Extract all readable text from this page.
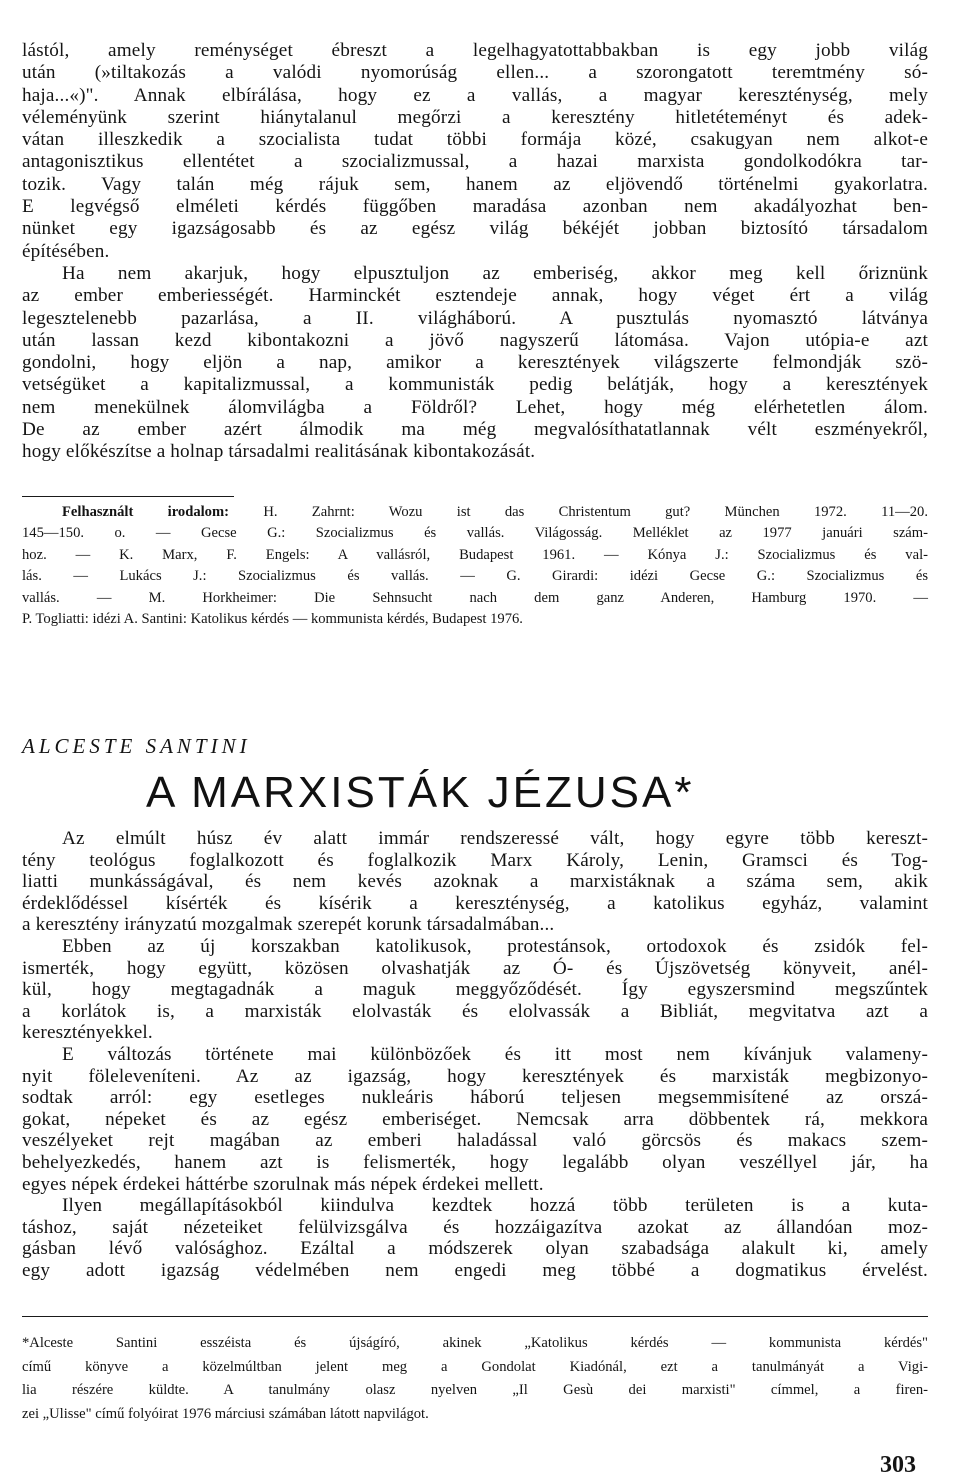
lástól, amely reménységet ébreszt a legelhagyatottabbakban is egy jobb világ
után (»tiltakozás a valódi nyomorúság ellen... a szorongatott teremtmény só-
haja...«)". Annak elbírálása, hogy ez a vallás, a magyar kereszténység, mely
véleményünk szerint hiánytalanul megőrzi a keresztény hitletéteményt és adek-
vátan illeszkedik a szocialista tudat többi formája közé, csakugyan nem alkot-e
antagonisztikus ellentétet a szocializmussal, a hazai marxista gondolkodókra tar-
tozik. Vagy talán még rájuk sem, hanem az eljövendő történelmi gyakorlatra.
E legvégső elméleti kérdés függőben maradása azonban nem akadályozhat ben-
nünket egy igazságosabb és az egész világ békéjét jobban biztosító társadalom
építésében.
Ha nem akarjuk, hogy elpusztuljon az emberiség, akkor meg kell őriznünk
az ember emberiességét. Harminckét esztendeje annak, hogy véget ért a világ
legesztelenebb pazarlása, a II. világháború. A pusztulás nyomasztó látványa
után lassan kezd kibontakozni a jövő nagyszerű látomása. Vajon utópia-e azt
gondolni, hogy eljön a nap, amikor a keresztények világszerte felmondják szö-
vetségüket a kapitalizmussal, a kommunisták pedig belátják, hogy a keresztények
nem menekülnek álomvilágba a Földről? Lehet, hogy még elérhetetlen álom.
De az ember azért álmodik ma még megvalósíthatatlannak vélt eszményekről,
hogy előkészítse a holnap társadalmi realitásának kibontakozását.
Felhasznált irodalom: H. Zahrnt: Wozu ist das Christentum gut? München 1972. 11—20.
145—150. o. — Gecse G.: Szocializmus és vallás. Világosság. Melléklet az 1977 januári szám-
hoz. — K. Marx, F. Engels: A vallásról, Budapest 1961. — Kónya J.: Szocializmus és val-
lás. — Lukács J.: Szocializmus és vallás. — G. Girardi: idézi Gecse G.: Szocializmus és
vallás. — M. Horkheimer: Die Sehnsucht nach dem ganz Anderen, Hamburg 1970. —
P. Togliatti: idézi A. Santini: Katolikus kérdés — kommunista kérdés, Budapest 1976.
ALCESTE SANTINI
A MARXISTÁK JÉZUSA*
Az elmúlt húsz év alatt immár rendszeressé vált, hogy egyre több kereszt-
tény teológus foglalkozott és foglalkozik Marx Károly, Lenin, Gramsci és Tog-
liatti munkásságával, és nem kevés azoknak a marxistáknak a száma sem, akik
érdeklődéssel kísérték és kísérik a kereszténység, a katolikus egyház, valamint
a keresztény irányzatú mozgalmak szerepét korunk társadalmában...
Ebben az új korszakban katolikusok, protestánsok, ortodoxok és zsidók fel-
ismerték, hogy együtt, közösen olvashatják az Ó- és Újszövetség könyveit, anél-
kül, hogy megtagadnák a maguk meggyőződését. Így egyszersmind megszűntek
a korlátok is, a marxisták elolvasták és elolvassák a Bibliát, megvitatva azt a
keresztényekkel.
E változás története mai különbözőek és itt most nem kívánjuk valameny-
nyit föleleveníteni. Az az igazság, hogy keresztények és marxisták megbizonyo-
sodtak arról: egy esetleges nukleáris háború teljesen megsemmisítené az orszá-
gokat, népeket és az egész emberiséget. Nemcsak arra döbbentek rá, mekkora
veszélyeket rejt magában az emberi haladással való görcsös és makacs szem-
behelyezkedés, hanem azt is felismerték, hogy legalább olyan veszéllyel jár, ha
egyes népek érdekei háttérbe szorulnak más népek érdekei mellett.
Ilyen megállapításokból kiindulva kezdtek hozzá több területen is a kuta-
táshoz, saját nézeteiket felülvizsgálva és hozzáigazítva azokat az állandóan moz-
gásban lévő valósághoz. Ezáltal a módszerek olyan szabadsága alakult ki, amely
egy adott igazság védelmében nem engedi meg többé a dogmatikus érvelést.
*Alceste Santini esszéista és újságíró, akinek „Katolikus kérdés — kommunista kérdés"
című könyve a közelmúltban jelent meg a Gondolat Kiadónál, ezt a tanulmányát a Vigi-
lia részére küldte. A tanulmány olasz nyelven „Il Gesù dei marxisti" címmel, a firen-
zei „Ulisse" című folyóirat 1976 márciusi számában látott napvilágot.
303
